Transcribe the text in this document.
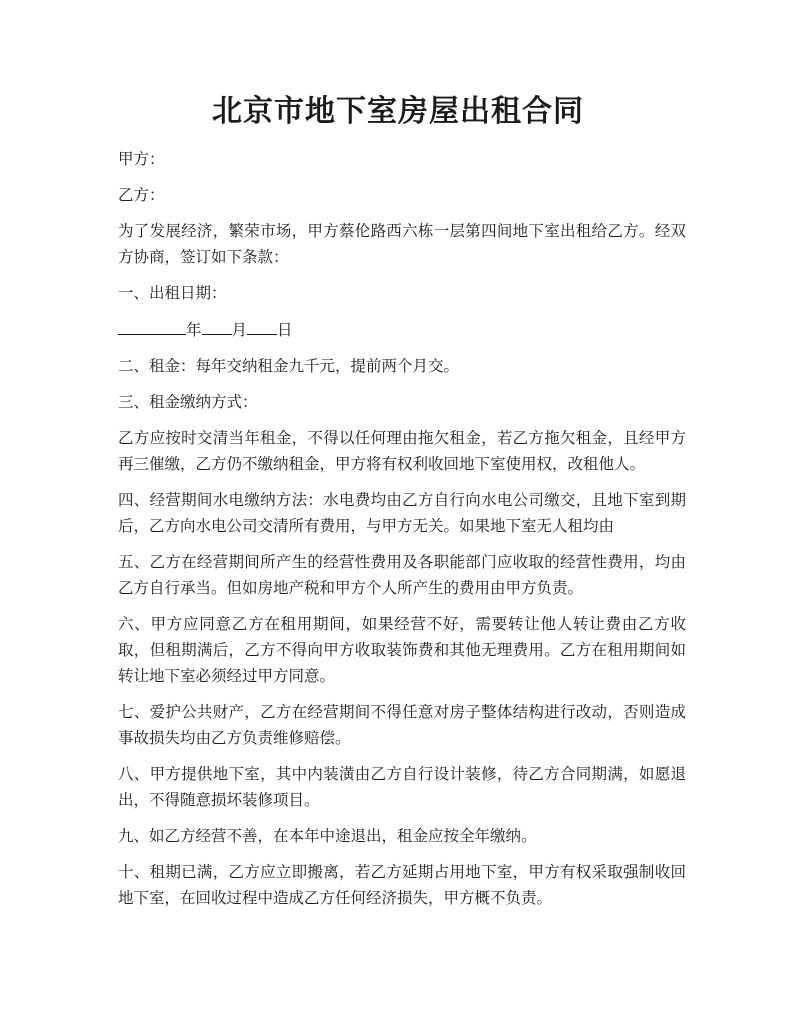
北京市地下室房屋出租合同

甲方：

乙方：

为了发展经济，繁荣市场，甲方蔡伦路西六栋一层第四间地下室出租给乙方。经双方协商，签订如下条款：

一、出租日期：

年 月 日

二、租金：每年交纳租金九千元，提前两个月交。

三、租金缴纳方式：

乙方应按时交清当年租金，不得以任何理由拖欠租金，若乙方拖欠租金，且经甲方再三催缴，乙方仍不缴纳租金，甲方将有权利收回地下室使用权，改租他人。

四、经营期间水电缴纳方法：水电费均由乙方自行向水电公司缴交，且地下室到期后，乙方向水电公司交清所有费用，与甲方无关。如果地下室无人租均由

五、乙方在经营期间所产生的经营性费用及各职能部门应收取的经营性费用，均由乙方自行承当。但如房地产税和甲方个人所产生的费用由甲方负责。

六、甲方应同意乙方在租用期间，如果经营不好，需要转让他人转让费由乙方收取，但租期满后，乙方不得向甲方收取装饰费和其他无理费用。乙方在租用期间如转让地下室必须经过甲方同意。

七、爱护公共财产，乙方在经营期间不得任意对房子整体结构进行改动，否则造成事故损失均由乙方负责维修赔偿。

八、甲方提供地下室，其中内装潢由乙方自行设计装修，待乙方合同期满，如愿退出，不得随意损坏装修项目。

九、如乙方经营不善，在本年中途退出，租金应按全年缴纳。

十、租期已满，乙方应立即搬离，若乙方延期占用地下室，甲方有权采取强制收回地下室，在回收过程中造成乙方任何经济损失，甲方概不负责。
